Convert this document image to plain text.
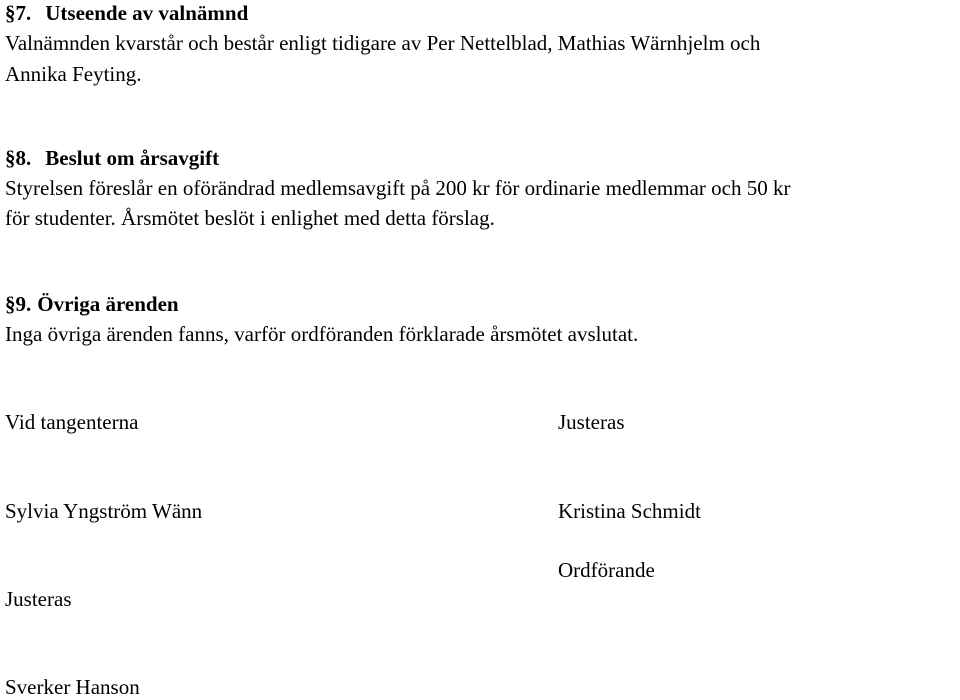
§7. Utseende av valnämnd

Valnämnden kvarstår och består enligt tidigare av Per Nettelblad, Mathias Wärnhjelm och

Annika Feyting.

§8. Beslut om årsavgift

Styrelsen föreslår en oförändrad medlemsavgift på 200 kr för ordinarie medlemmar och 50 kr

för studenter. Årsmötet beslöt i enlighet med detta förslag.

§9. Övriga ärenden

Inga övriga ärenden fanns, varför ordföranden förklarade årsmötet avslutat.

Vid tangenterna	Justeras

Sylvia Yngström Wänn	Kristina Schmidt

Ordförande

Justeras

Sverker Hanson
